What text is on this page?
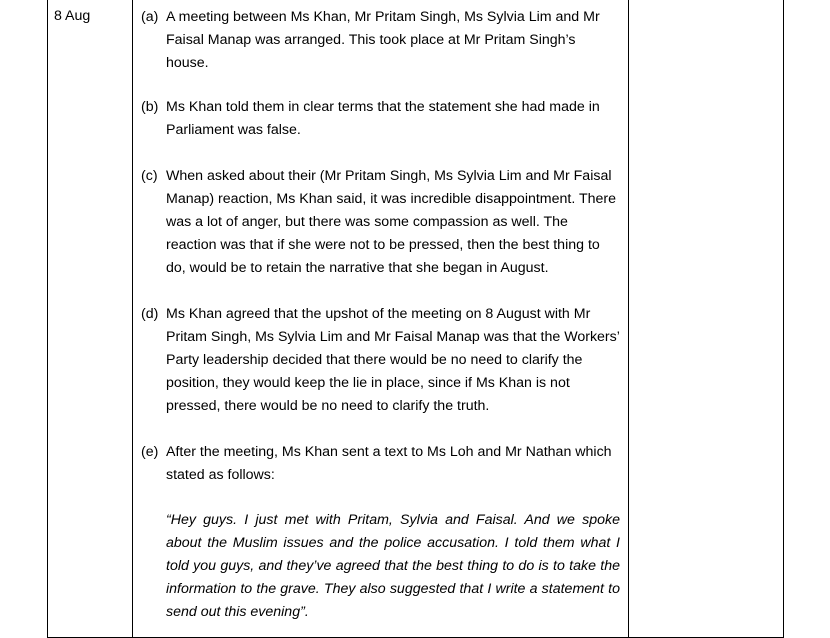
8 Aug	(a) A meeting between Ms Khan, Mr Pritam Singh, Ms Sylvia Lim and Mr Faisal Manap was arranged. This took place at Mr Pritam Singh’s house.
(b) Ms Khan told them in clear terms that the statement she had made in Parliament was false.
(c) When asked about their (Mr Pritam Singh, Ms Sylvia Lim and Mr Faisal Manap) reaction, Ms Khan said, it was incredible disappointment. There was a lot of anger, but there was some compassion as well. The reaction was that if she were not to be pressed, then the best thing to do, would be to retain the narrative that she began in August.
(d) Ms Khan agreed that the upshot of the meeting on 8 August with Mr Pritam Singh, Ms Sylvia Lim and Mr Faisal Manap was that the Workers’ Party leadership decided that there would be no need to clarify the position, they would keep the lie in place, since if Ms Khan is not pressed, there would be no need to clarify the truth.
(e) After the meeting, Ms Khan sent a text to Ms Loh and Mr Nathan which stated as follows:
“Hey guys. I just met with Pritam, Sylvia and Faisal. And we spoke about the Muslim issues and the police accusation. I told them what I told you guys, and they’ve agreed that the best thing to do is to take the information to the grave. They also suggested that I write a statement to send out this evening”.
